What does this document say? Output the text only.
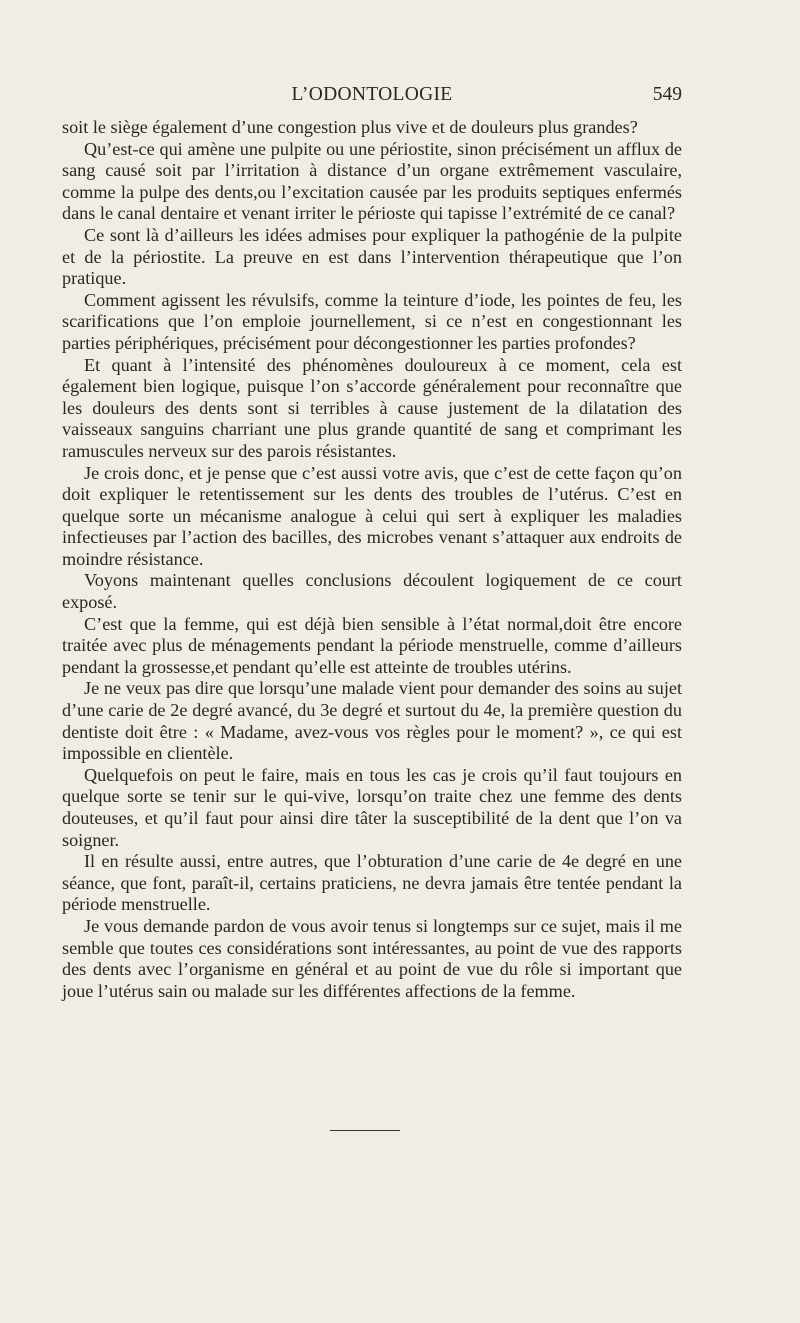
L’ODONTOLOGIE	549

soit le siège également d’une congestion plus vive et de douleurs plus grandes?

Qu’est-ce qui amène une pulpite ou une périostite, sinon précisément un afflux de sang causé soit par l’irritation à distance d’un organe extrêmement vasculaire, comme la pulpe des dents,ou l’excitation causée par les produits septiques enfermés dans le canal dentaire et venant irriter le périoste qui tapisse l’extrémité de ce canal?

Ce sont là d’ailleurs les idées admises pour expliquer la pathogénie de la pulpite et de la périostite. La preuve en est dans l’intervention thérapeutique que l’on pratique.

Comment agissent les révulsifs, comme la teinture d’iode, les pointes de feu, les scarifications que l’on emploie journellement, si ce n’est en congestionnant les parties périphériques, précisément pour décongestionner les parties profondes?

Et quant à l’intensité des phénomènes douloureux à ce moment, cela est également bien logique, puisque l’on s’accorde généralement pour reconnaître que les douleurs des dents sont si terribles à cause justement de la dilatation des vaisseaux sanguins charriant une plus grande quantité de sang et comprimant les ramuscules nerveux sur des parois résistantes.

Je crois donc, et je pense que c’est aussi votre avis, que c’est de cette façon qu’on doit expliquer le retentissement sur les dents des troubles de l’utérus. C’est en quelque sorte un mécanisme analogue à celui qui sert à expliquer les maladies infectieuses par l’action des bacilles, des microbes venant s’attaquer aux endroits de moindre résistance.

Voyons maintenant quelles conclusions découlent logiquement de ce court exposé.

C’est que la femme, qui est déjà bien sensible à l’état normal,doit être encore traitée avec plus de ménagements pendant la période menstruelle, comme d’ailleurs pendant la grossesse,et pendant qu’elle est atteinte de troubles utérins.

Je ne veux pas dire que lorsqu’une malade vient pour demander des soins au sujet d’une carie de 2e degré avancé, du 3e degré et surtout du 4e, la première question du dentiste doit être : « Madame, avez-vous vos règles pour le moment? », ce qui est impossible en clientèle.

Quelquefois on peut le faire, mais en tous les cas je crois qu’il faut toujours en quelque sorte se tenir sur le qui-vive, lorsqu’on traite chez une femme des dents douteuses, et qu’il faut pour ainsi dire tâter la susceptibilité de la dent que l’on va soigner.

Il en résulte aussi, entre autres, que l’obturation d’une carie de 4e degré en une séance, que font, paraît-il, certains praticiens, ne devra jamais être tentée pendant la période menstruelle.

Je vous demande pardon de vous avoir tenus si longtemps sur ce sujet, mais il me semble que toutes ces considérations sont intéressantes, au point de vue des rapports des dents avec l’organisme en général et au point de vue du rôle si important que joue l’utérus sain ou malade sur les différentes affections de la femme.
